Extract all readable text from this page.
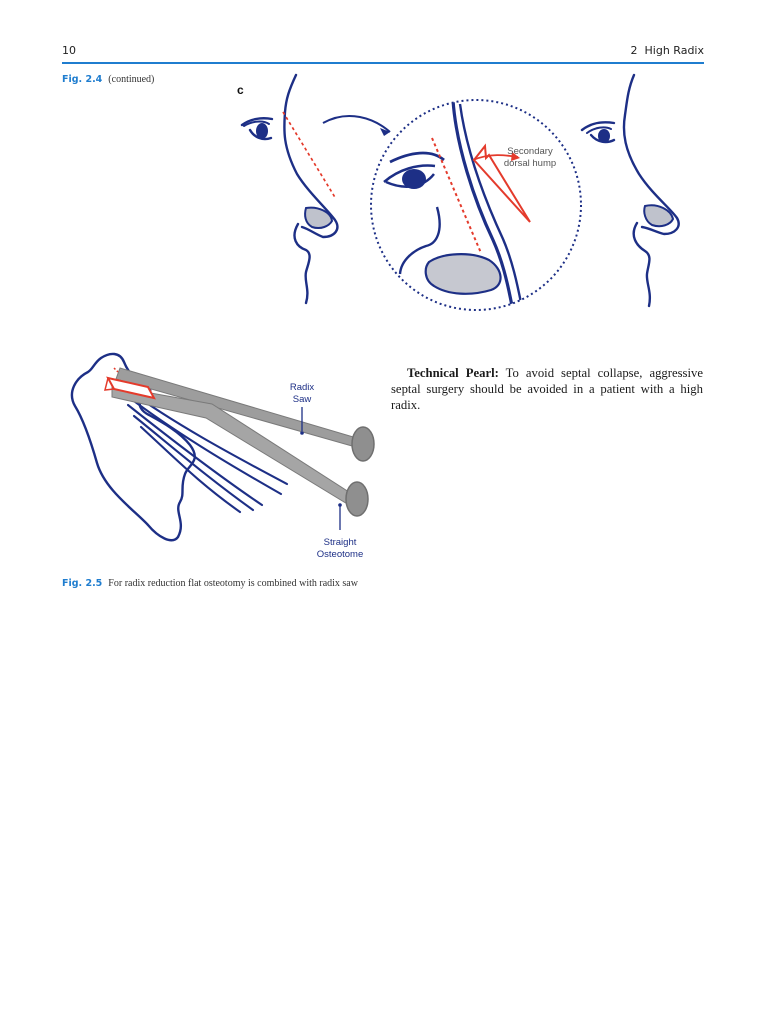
10	2 High Radix
Fig. 2.4 (continued)
c
Secondary
dorsal hump
Radix
Saw
Straight
Osteotome
Fig. 2.5 For radix reduction flat osteotomy is combined with radix saw
Technical Pearl: To avoid septal collapse, aggressive septal surgery should be avoided in a patient with a high radix.
